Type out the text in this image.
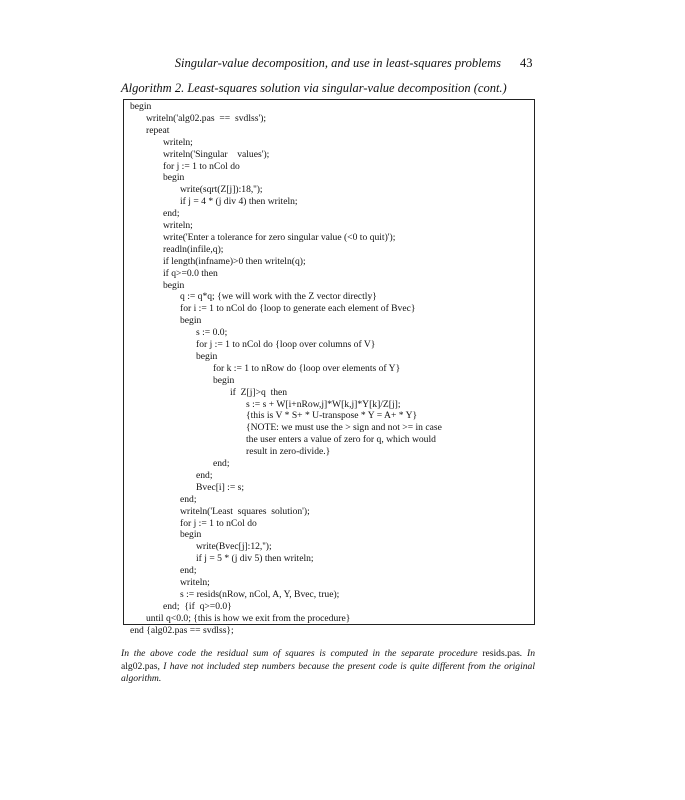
Singular-value decomposition, and use in least-squares problems 43
Algorithm 2. Least-squares solution via singular-value decomposition (cont.)
begin
writeln('alg02.pas  ==  svdlss');
repeat
writeln;
writeln('Singular    values');
for j := 1 to nCol do
begin
write(sqrt(Z[j]):18,'');
if j = 4 * (j div 4) then writeln;
end;
writeln;
write('Enter a tolerance for zero singular value (<0 to quit)');
readln(infile,q);
if length(infname)>0 then writeln(q);
if q>=0.0 then
begin
q := q*q; {we will work with the Z vector directly}
for i := 1 to nCol do {loop to generate each element of Bvec}
begin
s := 0.0;
for j := 1 to nCol do {loop over columns of V}
begin
for k := 1 to nRow do {loop over elements of Y}
begin
if  Z[j]>q  then
s := s + W[i+nRow,j]*W[k,j]*Y[k]/Z[j];
{this is V * S+ * U-transpose * Y = A+ * Y}
{NOTE: we must use the > sign and not >= in case
the user enters a value of zero for q, which would
result in zero-divide.}
end;
end;
Bvec[i] := s;
end;
writeln('Least  squares  solution');
for j := 1 to nCol do
begin
write(Bvec[j]:12,'');
if j = 5 * (j div 5) then writeln;
end;
writeln;
s := resids(nRow, nCol, A, Y, Bvec, true);
end;  {if  q>=0.0}
until q<0.0; {this is how we exit from the procedure}
end {alg02.pas == svdlss};
In the above code the residual sum of squares is computed in the separate procedure resids.pas. In alg02.pas, I have not included step numbers because the present code is quite different from the original algorithm.
